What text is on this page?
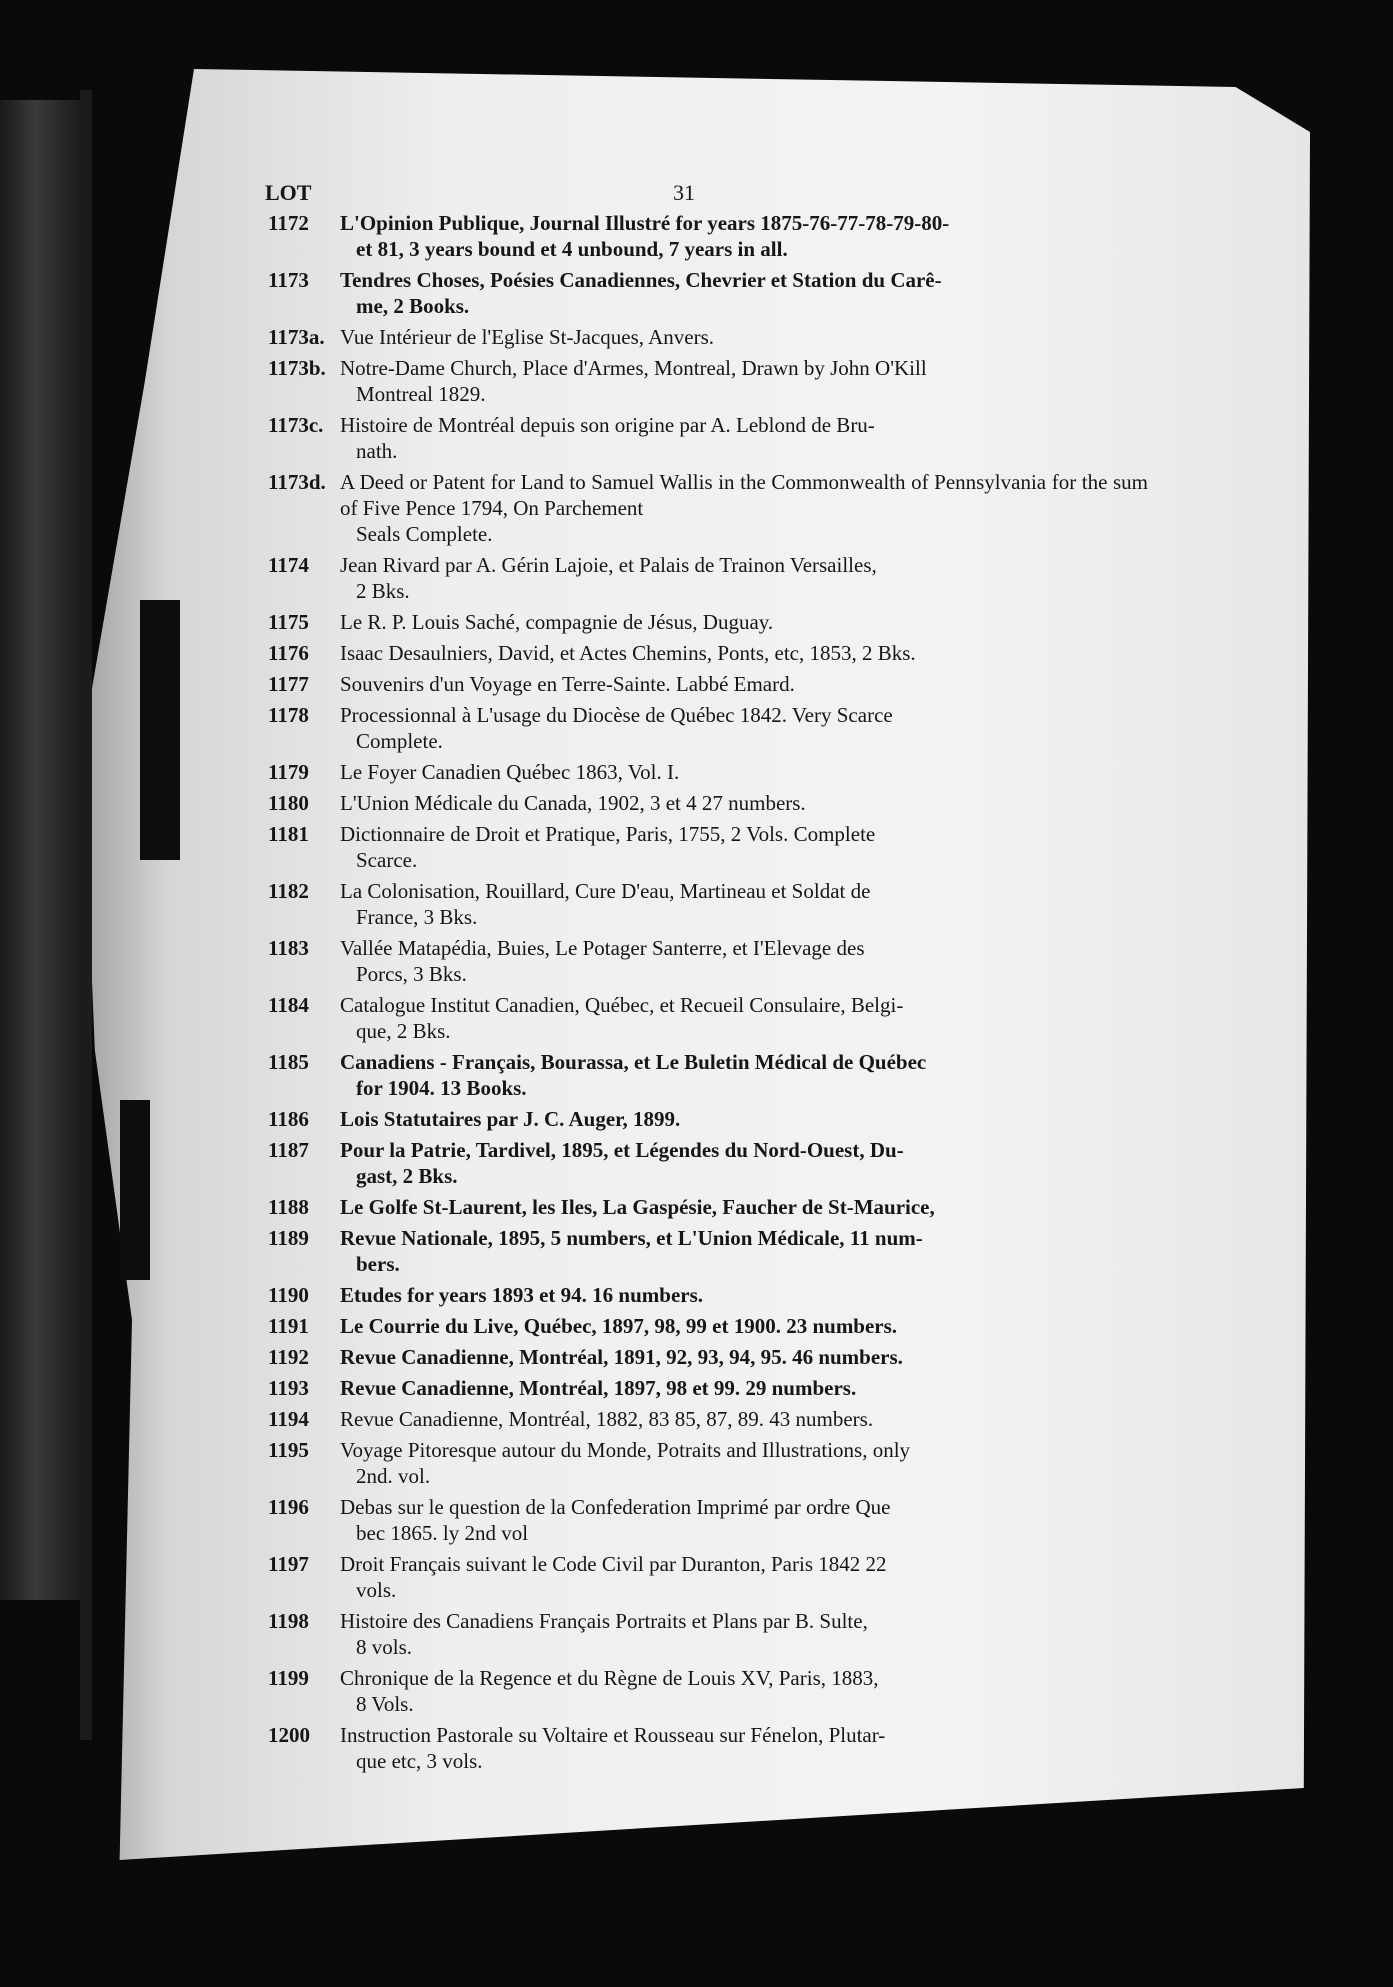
LOT	31
1172	L'Opinion Publique, Journal Illustré for years 1875-76-77-78-79-80-
et 81, 3 years bound et 4 unbound, 7 years in all.
1173	Tendres Choses, Poésies Canadiennes, Chevrier et Station du Carê-
me, 2 Books.
1173a. Vue Intérieur de l'Eglise St-Jacques, Anvers.
1173b. Notre-Dame Church, Place d'Armes, Montreal, Drawn by John O'Kill
Montreal 1829.
1173c. Histoire de Montréal depuis son origine par A. Leblond de Bru-
nath.
1173d. A Deed or Patent for Land to Samuel Wallis in the Commonwealth of Pennsylvania for the sum of Five Pence 1794, On Parchement
Seals Complete.
1174	Jean Rivard par A. Gérin Lajoie, et Palais de Trainon Versailles,
2 Bks.
1175	Le R. P. Louis Saché, compagnie de Jésus, Duguay.
1176	Isaac Desaulniers, David, et Actes Chemins, Ponts, etc, 1853, 2 Bks.
1177	Souvenirs d'un Voyage en Terre-Sainte. Labbé Emard.
1178	Processionnal à L'usage du Diocèse de Québec 1842. Very Scarce
Complete.
1179	Le Foyer Canadien Québec 1863, Vol. I.
1180	L'Union Médicale du Canada, 1902, 3 et 4 27 numbers.
1181	Dictionnaire de Droit et Pratique, Paris, 1755, 2 Vols. Complete
Scarce.
1182	La Colonisation, Rouillard, Cure D'eau, Martineau et Soldat de
France, 3 Bks.
1183	Vallée Matapédia, Buies, Le Potager Santerre, et I'Elevage des
Porcs, 3 Bks.
1184	Catalogue Institut Canadien, Québec, et Recueil Consulaire, Belgi-
que, 2 Bks.
1185	Canadiens - Français, Bourassa, et Le Buletin Médical de Québec
for 1904. 13 Books.
1186	Lois Statutaires par J. C. Auger, 1899.
1187	Pour la Patrie, Tardivel, 1895, et Légendes du Nord-Ouest, Du-
gast, 2 Bks.
1188	Le Golfe St-Laurent, les Iles, La Gaspésie, Faucher de St-Maurice,
1189	Revue Nationale, 1895, 5 numbers, et L'Union Médicale, 11 num-
bers.
1190	Etudes for years 1893 et 94. 16 numbers.
1191	Le Courrie du Live, Québec, 1897, 98, 99 et 1900. 23 numbers.
1192	Revue Canadienne, Montréal, 1891, 92, 93, 94, 95. 46 numbers.
1193	Revue Canadienne, Montréal, 1897, 98 et 99. 29 numbers.
1194	Revue Canadienne, Montréal, 1882, 83 85, 87, 89. 43 numbers.
1195	Voyage Pitoresque autour du Monde, Potraits and Illustrations, only
2nd. vol.
1196	Debas sur le question de la Confederation Imprimé par ordre Que
bec 1865. ly 2nd vol
1197	Droit Français suivant le Code Civil par Duranton, Paris 1842 22
vols.
1198	Histoire des Canadiens Français Portraits et Plans par B. Sulte,
8 vols.
1199	Chronique de la Regence et du Règne de Louis XV, Paris, 1883,
8 Vols.
1200	Instruction Pastorale su Voltaire et Rousseau sur Fénelon, Plutar-
que etc, 3 vols.
